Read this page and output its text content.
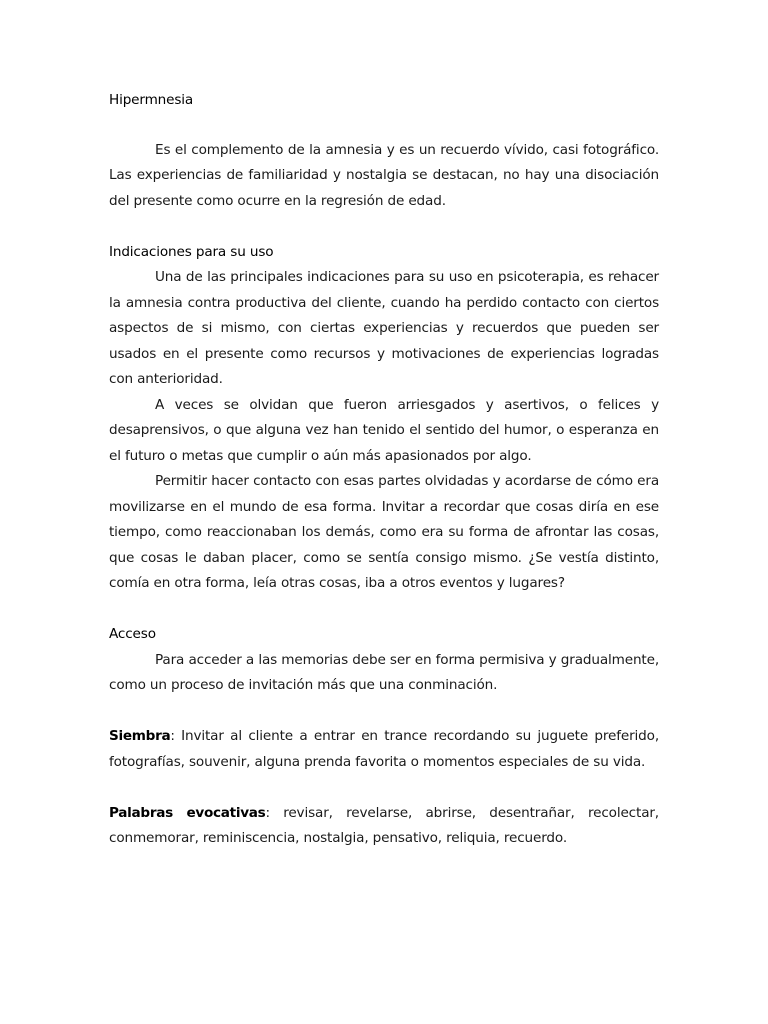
Hipermnesia

Es el complemento de la amnesia y es un recuerdo vívido, casi fotográfico. Las experiencias de familiaridad y nostalgia se destacan, no hay una disociación del presente como ocurre en la regresión de edad.

Indicaciones para su uso

Una de las principales indicaciones para su uso en psicoterapia, es rehacer la amnesia contra productiva del cliente, cuando ha perdido contacto con ciertos aspectos de si mismo, con ciertas experiencias y recuerdos que pueden ser usados en el presente como recursos y motivaciones de experiencias logradas con anterioridad.

A veces se olvidan que fueron arriesgados y asertivos, o felices y desaprensivos, o que alguna vez han tenido el sentido del humor, o esperanza en el futuro o metas que cumplir o aún más apasionados por algo.

Permitir hacer contacto con esas partes olvidadas y acordarse de cómo era movilizarse en el mundo de esa forma. Invitar a recordar que cosas diría en ese tiempo, como reaccionaban los demás, como era su forma de afrontar las cosas, que cosas le daban placer, como se sentía consigo mismo. ¿Se vestía distinto, comía en otra forma, leía otras cosas, iba a otros eventos y lugares?

Acceso

Para acceder a las memorias debe ser en forma permisiva y gradualmente, como un proceso de invitación más que una conminación.

Siembra: Invitar al cliente a entrar en trance recordando su juguete preferido, fotografías, souvenir, alguna prenda favorita o momentos especiales de su vida.

Palabras evocativas: revisar, revelarse, abrirse, desentrañar, recolectar, conmemorar, reminiscencia, nostalgia, pensativo, reliquia, recuerdo.
